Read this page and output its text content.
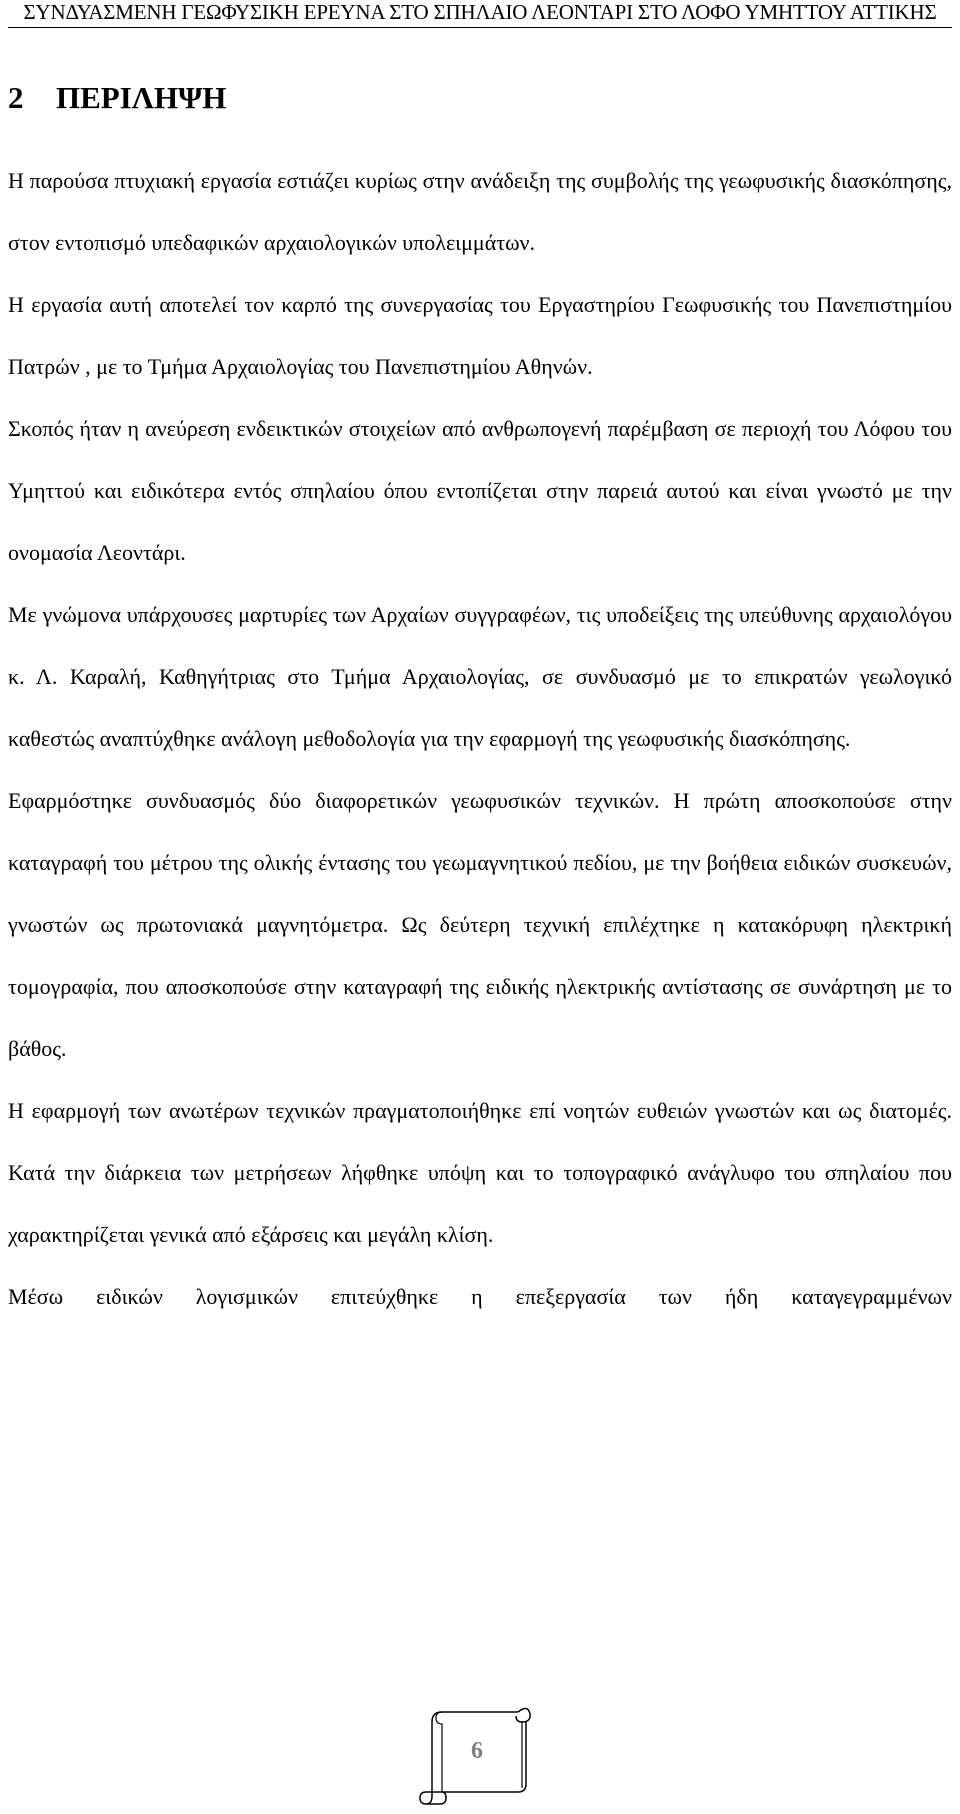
ΣΥΝΔΥΑΣΜΕΝΗ ΓΕΩΦΥΣΙΚΗ ΕΡΕΥΝΑ ΣΤΟ ΣΠΗΛΑΙΟ ΛΕΟΝΤΑΡΙ ΣΤΟ ΛΟΦΟ ΥΜΗΤΤΟΥ ΑΤΤΙΚΗΣ
2 ΠΕΡΙΛΗΨΗ

Η παρούσα πτυχιακή εργασία εστιάζει κυρίως στην ανάδειξη της συμβολής της γεωφυσικής διασκόπησης, στον εντοπισμό υπεδαφικών αρχαιολογικών υπολειμμάτων.

Η εργασία αυτή αποτελεί τον καρπό της συνεργασίας του Εργαστηρίου Γεωφυσικής του Πανεπιστημίου Πατρών , με το Τμήμα Αρχαιολογίας του Πανεπιστημίου Αθηνών.

Σκοπός ήταν η ανεύρεση ενδεικτικών στοιχείων από ανθρωπογενή παρέμβαση σε περιοχή του Λόφου του Υμηττού και ειδικότερα εντός σπηλαίου όπου εντοπίζεται στην παρειά αυτού και είναι γνωστό με την ονομασία Λεοντάρι.

Με γνώμονα υπάρχουσες μαρτυρίες των Αρχαίων συγγραφέων, τις υποδείξεις της υπεύθυνης αρχαιολόγου κ. Λ. Καραλή, Καθηγήτριας στο Τμήμα Αρχαιολογίας, σε συνδυασμό με το επικρατών γεωλογικό καθεστώς αναπτύχθηκε ανάλογη μεθοδολογία για την εφαρμογή της γεωφυσικής διασκόπησης.

Εφαρμόστηκε συνδυασμός δύο διαφορετικών γεωφυσικών τεχνικών. Η πρώτη αποσκοπούσε στην καταγραφή του μέτρου της ολικής έντασης του γεωμαγνητικού πεδίου, με την βοήθεια ειδικών συσκευών, γνωστών ως πρωτονιακά μαγνητόμετρα. Ως δεύτερη τεχνική επιλέχτηκε η κατακόρυφη ηλεκτρική τομογραφία, που αποσκοπούσε στην καταγραφή της ειδικής ηλεκτρικής αντίστασης σε συνάρτηση με το βάθος.

Η εφαρμογή των ανωτέρων τεχνικών πραγματοποιήθηκε επί νοητών ευθειών γνωστών και ως διατομές. Κατά την διάρκεια των μετρήσεων λήφθηκε υπόψη και το τοπογραφικό ανάγλυφο του σπηλαίου που χαρακτηρίζεται γενικά από εξάρσεις και μεγάλη κλίση.

Μέσω ειδικών λογισμικών επιτεύχθηκε η επεξεργασία των ήδη καταγεγραμμένων

6
